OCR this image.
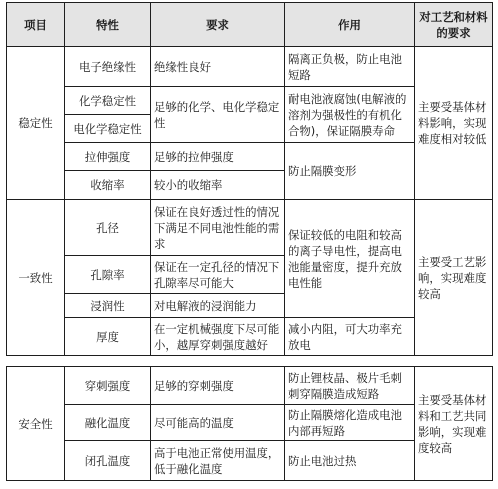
项目	特性	要求	作用	对工艺和材料的要求
稳定性	电子绝缘性	绝缘性良好	隔离正负极，防止电池短路	主要受基体材料影响，实现难度相对较低
	化学稳定性	足够的化学、电化学稳定性	耐电池液腐蚀(电解液的溶剂为强极性的有机化合物)，保证隔膜寿命	
	电化学稳定性			
	拉伸强度	足够的拉伸强度	防止隔膜变形	
	收缩率	较小的收缩率		
一致性	孔径	保证在良好透过性的情况下满足不同电池性能的需求	保证较低的电阻和较高的离子导电性，提高电池能量密度，提升充放电性能	主要受工艺影响，实现难度较高
	孔隙率	保证在一定孔径的情况下孔隙率尽可能大		
	浸润性	对电解液的浸润能力		
	厚度	在一定机械强度下尽可能小，越厚穿刺强度越好	减小内阻，可大功率充放电	
安全性	穿刺强度	足够的穿刺强度	防止锂枝晶、极片毛刺刺穿隔膜造成短路	主要受基体材料和工艺共同影响，实现难度较高
	融化温度	尽可能高的温度	防止隔膜熔化造成电池内部再短路	
	闭孔温度	高于电池正常使用温度，低于融化温度	防止电池过热	
